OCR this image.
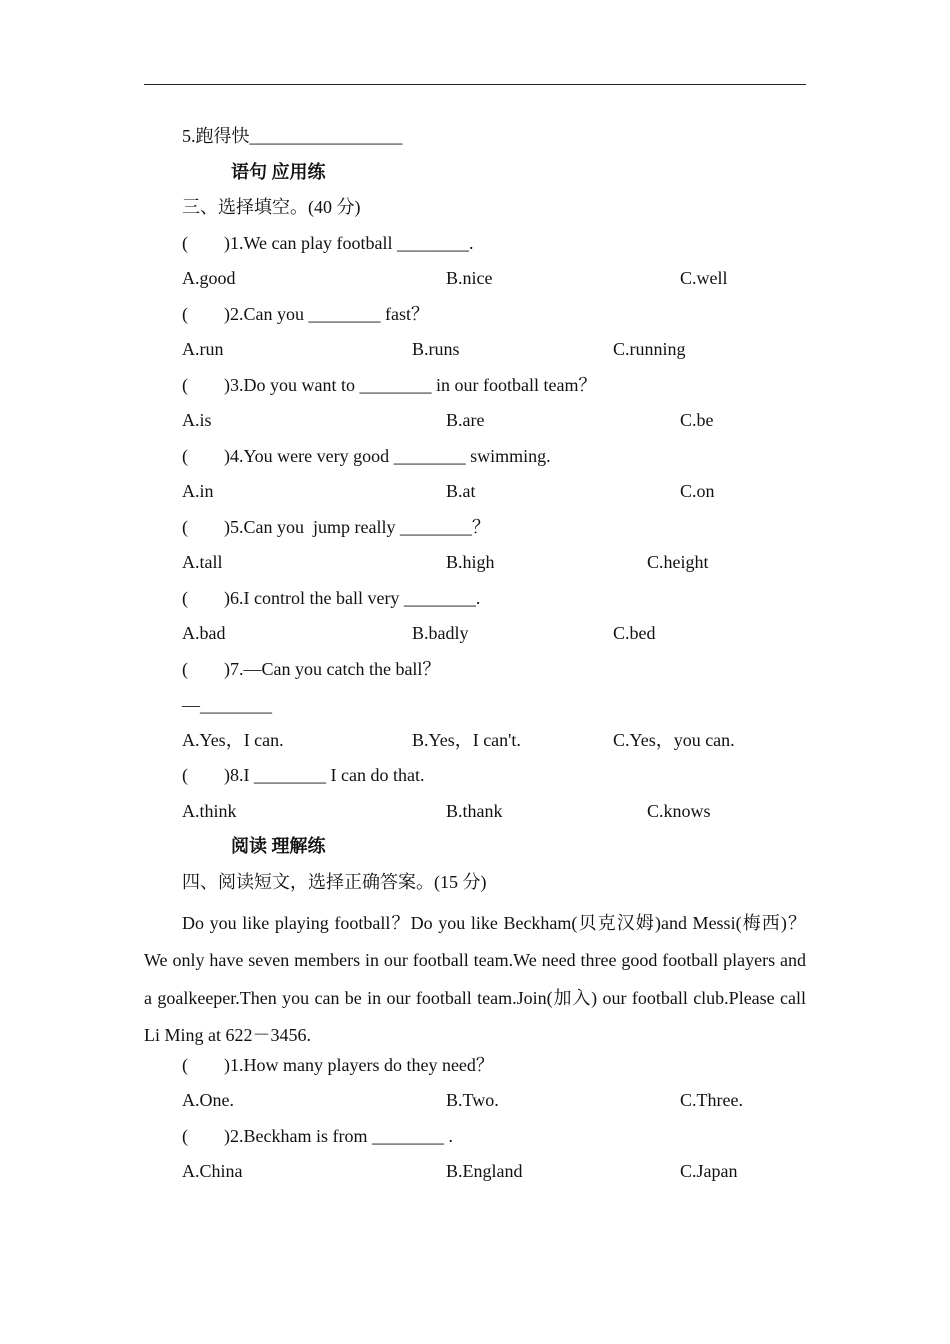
5.跑得快_________________
语句 应用练
三、选择填空。(40 分)
(        )1.We can play football ________.
A.good	B.nice	C.well
(        )2.Can you ________ fast？
A.run	B.runs	C.running
(        )3.Do you want to ________ in our football team？
A.is	B.are	C.be
(        )4.You were very good ________ swimming.
A.in	B.at	C.on
(        )5.Can you  jump really ________？
A.tall	B.high	C.height
(        )6.I control the ball very ________.
A.bad	B.badly	C.bed
(        )7.—Can you catch the ball？
—________
A.Yes，I can.	B.Yes，I can't.	C.Yes，you can.
(        )8.I ________ I can do that.
A.think	B.thank	C.knows
阅读 理解练
四、阅读短文，选择正确答案。(15 分)
Do you like playing football？Do you like Beckham(贝克汉姆)and Messi(梅西)？We only have seven members in our football team.We need three good football players and a goalkeeper.Then you can be in our football team.Join(加入) our football club.Please call Li Ming at 622－3456.
(        )1.How many players do they need？
A.One.	B.Two.	C.Three.
(        )2.Beckham is from ________ .
A.China	B.England	C.Japan
